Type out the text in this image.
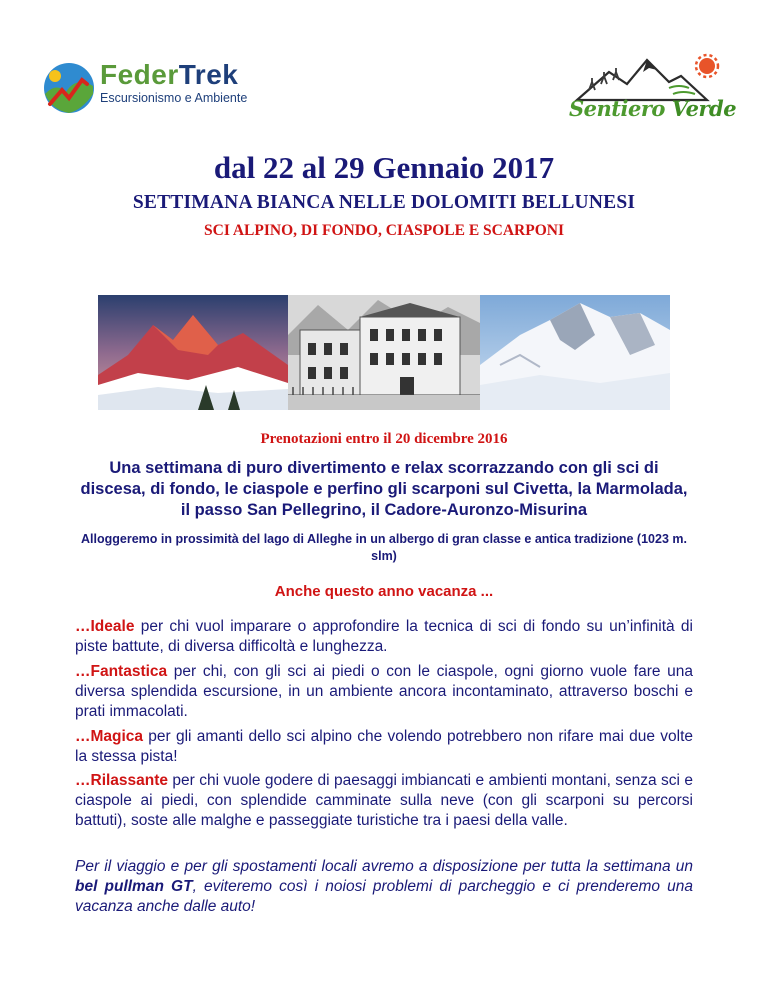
FederTrek
Escursionismo e Ambiente	Sentiero Verde
dal 22 al 29 Gennaio 2017
SETTIMANA BIANCA NELLE DOLOMITI BELLUNESI
SCI ALPINO, DI FONDO, CIASPOLE E SCARPONI
Prenotazioni entro il 20 dicembre 2016
Una settimana di puro divertimento e relax scorrazzando con gli sci di discesa, di fondo, le ciaspole e perfino gli scarponi sul Civetta, la Marmolada, il passo San Pellegrino, il Cadore-Auronzo-Misurina
Alloggeremo in prossimità del lago di Alleghe in un albergo di gran classe e antica tradizione (1023 m. slm)
Anche questo anno vacanza ...
…Ideale per chi vuol imparare o approfondire la tecnica di sci di fondo su un’infinità di piste battute, di diversa difficoltà e lunghezza.
…Fantastica per chi, con gli sci ai piedi o con le ciaspole, ogni giorno vuole fare una diversa splendida escursione, in un ambiente ancora incontaminato, attraverso boschi e prati immacolati.
…Magica per gli amanti dello sci alpino che volendo potrebbero non rifare mai due volte la stessa pista!
…Rilassante per chi vuole godere di paesaggi imbiancati e ambienti montani, senza sci e ciaspole ai piedi, con splendide camminate sulla neve (con gli scarponi su percorsi battuti), soste alle malghe e passeggiate turistiche tra i paesi della valle.
Per il viaggio e per gli spostamenti locali avremo a disposizione per tutta la settimana un bel pullman GT, eviteremo così i noiosi problemi di parcheggio e ci prenderemo una vacanza anche dalle auto!
